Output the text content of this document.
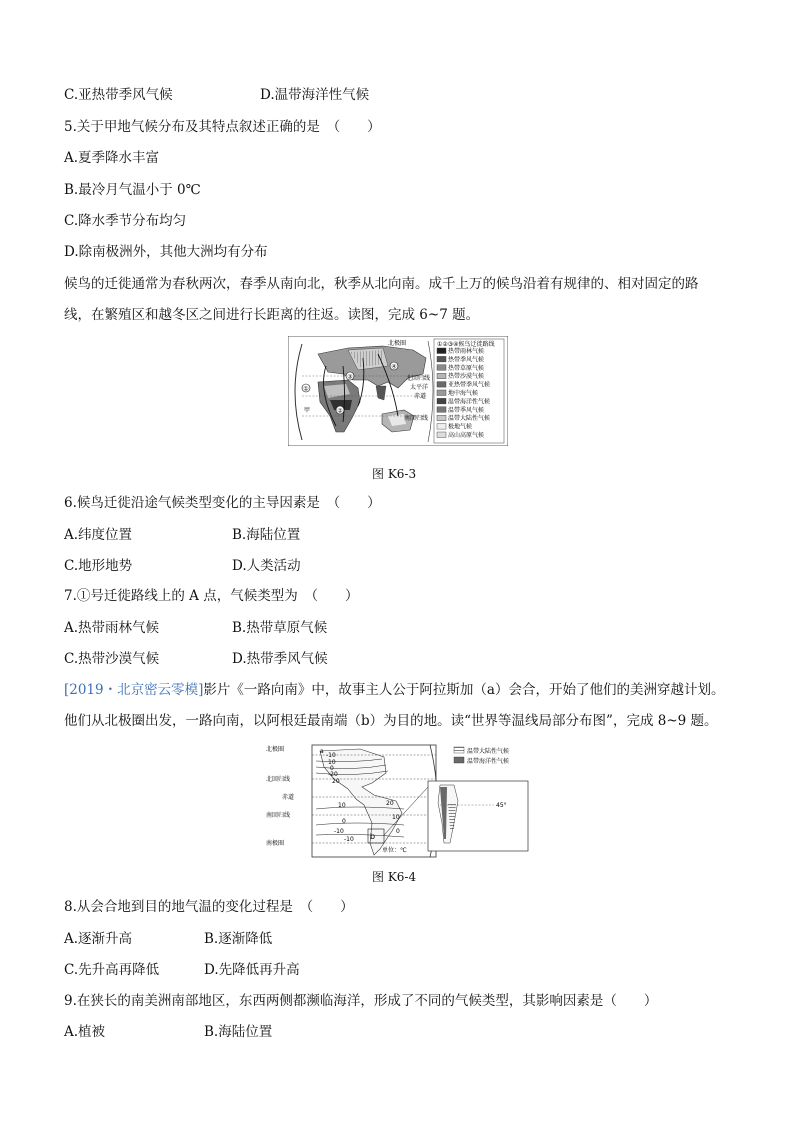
C.亚热带季风气候	D.温带海洋性气候
5.关于甲地气候分布及其特点叙述正确的是　（　　）
A.夏季降水丰富
B.最冷月气温小于 0℃
C.降水季节分布均匀
D.除南极洲外，其他大洲均有分布
候鸟的迁徙通常为春秋两次，春季从南向北，秋季从北向南。成千上万的候鸟沿着有规律的、相对固定的路
线，在繁殖区和越冬区之间进行长距离的往返。读图，完成 6~7 题。
①
②
③
④
北极圈
北回归线
赤道
太平洋
南回归线
甲
①②③④候鸟迁徙路线
热带雨林气候
热带季风气候
热带草原气候
热带沙漠气候
亚热带季风气候
地中海气候
温带海洋性气候
温带季风气候
温带大陆性气候
极地气候
高山高原气候
图 K6-3
6.候鸟迁徙沿途气候类型变化的主导因素是　（　　）
A.纬度位置	B.海陆位置
C.地形地势	D.人类活动
7.①号迁徙路线上的 A 点，气候类型为　（　　）
A.热带雨林气候	B.热带草原气候
C.热带沙漠气候	D.热带季风气候
[2019・北京密云零模]影片《一路向南》中，故事主人公于阿拉斯加（a）会合，开始了他们的美洲穿越计划。
他们从北极圈出发，一路向南，以阿根廷最南端（b）为目的地。读“世界等温线局部分布图”，完成 8~9 题。
北极圈
北回归线
赤道
南回归线
南极圈
-10
10
0
-20
20
10
0
-10
-10
20
10
0
a
b
单位：℃
45°
温带大陆性气候
温带海洋性气候
图 K6-4
8.从会合地到目的地气温的变化过程是　（　　）
A.逐渐升高	B.逐渐降低
C.先升高再降低	D.先降低再升高
9.在狭长的南美洲南部地区，东西两侧都濒临海洋，形成了不同的气候类型，其影响因素是（　　）
A.植被	B.海陆位置
